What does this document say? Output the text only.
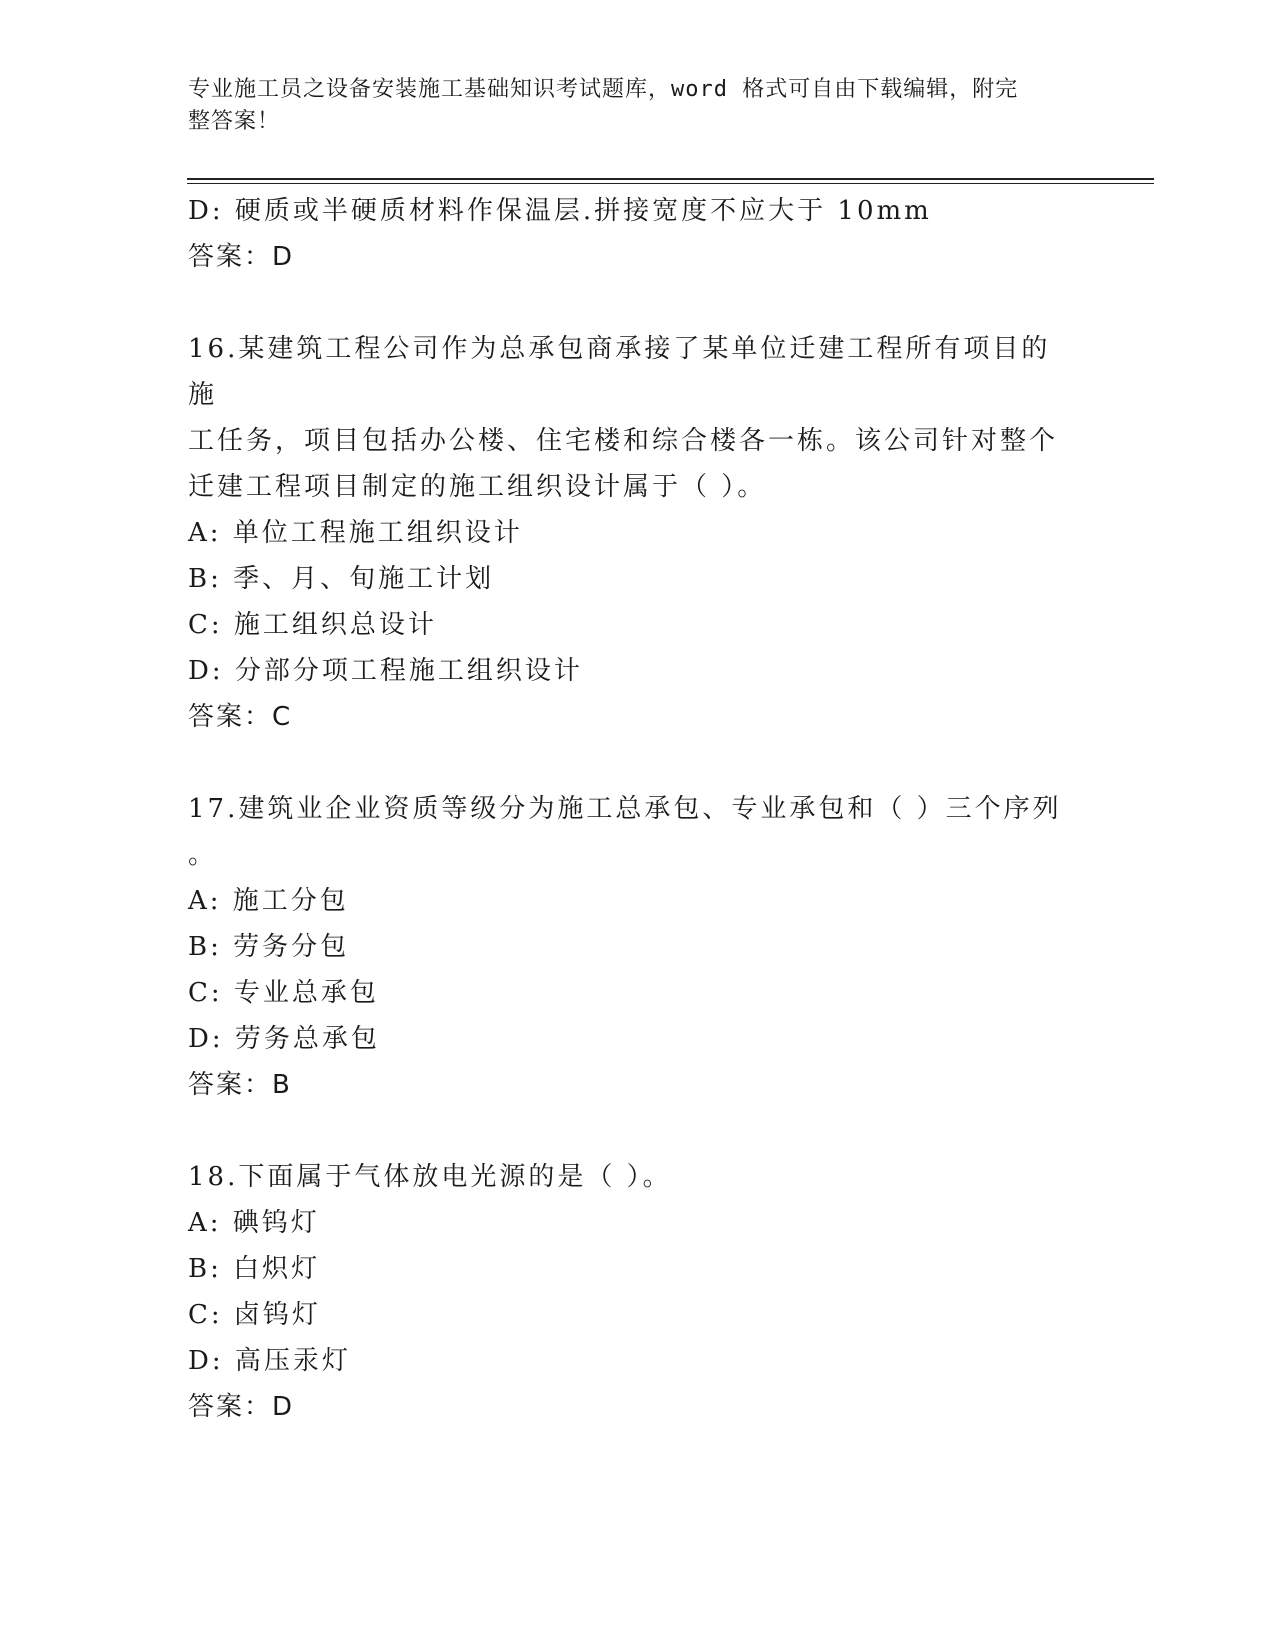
专业施工员之设备安装施工基础知识考试题库，word 格式可自由下载编辑，附完
整答案！
D: 硬质或半硬质材料作保温层.拼接宽度不应大于 10mm
答案：D
16.某建筑工程公司作为总承包商承接了某单位迁建工程所有项目的施
工任务，项目包括办公楼、住宅楼和综合楼各一栋。该公司针对整个
迁建工程项目制定的施工组织设计属于（ ）。
A: 单位工程施工组织设计
B: 季、月、旬施工计划
C: 施工组织总设计
D: 分部分项工程施工组织设计
答案：C
17.建筑业企业资质等级分为施工总承包、专业承包和（ ）三个序列
。
A: 施工分包
B: 劳务分包
C: 专业总承包
D: 劳务总承包
答案：B
18.下面属于气体放电光源的是（ ）。
A: 碘钨灯
B: 白炽灯
C: 卤钨灯
D: 高压汞灯
答案：D
